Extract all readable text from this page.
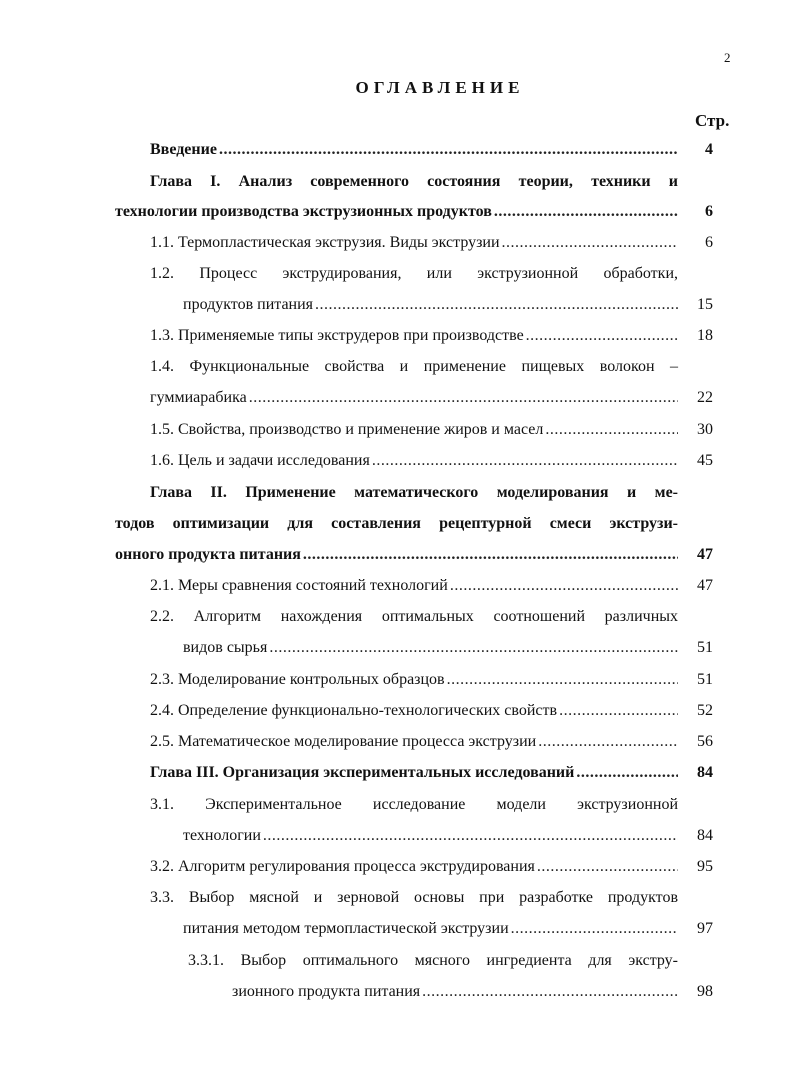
2
ОГЛАВЛЕНИЕ
Стр.
Введение .....	4
Глава I. Анализ современного состояния теории, техники и
технологии производства экструзионных продуктов .....	6
1.1. Термопластическая экструзия. Виды экструзии .....	6
1.2. Процесс экструдирования, или экструзионной обработки,
продуктов питания .....	15
1.3. Применяемые типы экструдеров при производстве .....	18
1.4. Функциональные свойства и применение пищевых волокон –
гуммиарабика .....	22
1.5. Свойства, производство и применение жиров и масел .....	30
1.6. Цель и задачи исследования .....	45
Глава II. Применение математического моделирования и ме-
тодов оптимизации для составления рецептурной смеси экструзи-
онного продукта питания .....	47
2.1. Меры сравнения состояний технологий .....	47
2.2. Алгоритм нахождения оптимальных соотношений различных
видов сырья .....	51
2.3. Моделирование контрольных образцов .....	51
2.4. Определение функционально-технологических свойств .....	52
2.5. Математическое моделирование процесса экструзии .....	56
Глава III. Организация экспериментальных исследований .....	84
3.1. Экспериментальное исследование модели экструзионной
технологии .....	84
3.2. Алгоритм регулирования процесса экструдирования .....	95
3.3. Выбор мясной и зерновой основы при разработке продуктов
питания методом термопластической экструзии .....	97
3.3.1. Выбор оптимального мясного ингредиента для экстру-
зионного продукта питания .....	98
